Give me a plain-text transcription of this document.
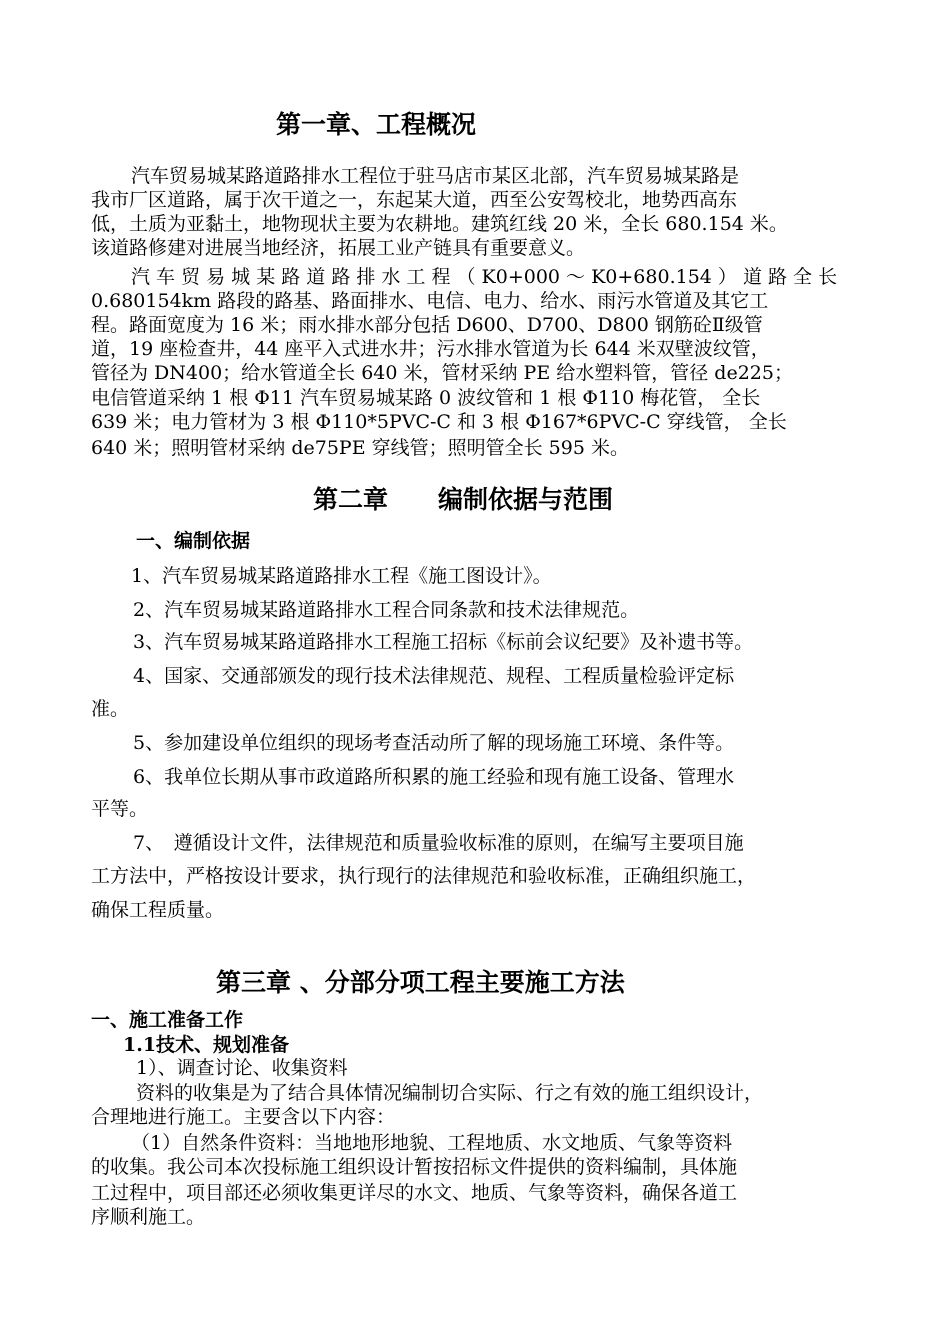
第一章、工程概况
汽车贸易城某路道路排水工程位于驻马店市某区北部，汽车贸易城某路是
我市厂区道路，属于次干道之一，东起某大道，西至公安驾校北，地势西高东
低，土质为亚黏土，地物现状主要为农耕地。建筑红线 20 米，全长 680.154 米。
该道路修建对进展当地经济，拓展工业产链具有重要意义。
汽 车 贸 易 城 某 路 道 路 排 水 工 程 （ K0+000 ～ K0+680.154 ） 道 路 全 长
0.680154km 路段的路基、路面排水、电信、电力、给水、雨污水管道及其它工
程。路面宽度为 16 米；雨水排水部分包括 D600、D700、D800 钢筋砼Ⅱ级管
道，19 座检查井，44 座平入式进水井；污水排水管道为长 644 米双壁波纹管，
管径为 DN400；给水管道全长 640 米，管材采纳 PE 给水塑料管，管径 de225；
电信管道采纳 1 根 Φ11 汽车贸易城某路 0 波纹管和 1 根 Φ110 梅花管， 全长
639 米；电力管材为 3 根 Φ110*5PVC-C 和 3 根 Φ167*6PVC-C 穿线管， 全长
640 米；照明管材采纳 de75PE 穿线管；照明管全长 595 米。
第二章　　编制依据与范围
一、编制依据
1、汽车贸易城某路道路排水工程《施工图设计》。
2、汽车贸易城某路道路排水工程合同条款和技术法律规范。
3、汽车贸易城某路道路排水工程施工招标《标前会议纪要》及补遗书等。
4、国家、交通部颁发的现行技术法律规范、规程、工程质量检验评定标
准。
5、参加建设单位组织的现场考查活动所了解的现场施工环境、条件等。
6、我单位长期从事市政道路所积累的施工经验和现有施工设备、管理水
平等。
7、　遵循设计文件，法律规范和质量验收标准的原则，在编写主要项目施
工方法中，严格按设计要求，执行现行的法律规范和验收标准，正确组织施工，
确保工程质量。
第三章 、分部分项工程主要施工方法
一、施工准备工作
1.1技术、规划准备
1）、调查讨论、收集资料
资料的收集是为了结合具体情况编制切合实际、行之有效的施工组织设计，
合理地进行施工。主要含以下内容：
（1）自然条件资料：当地地形地貌、工程地质、水文地质、气象等资料
的收集。我公司本次投标施工组织设计暂按招标文件提供的资料编制，具体施
工过程中，项目部还必须收集更详尽的水文、地质、气象等资料，确保各道工
序顺利施工。
